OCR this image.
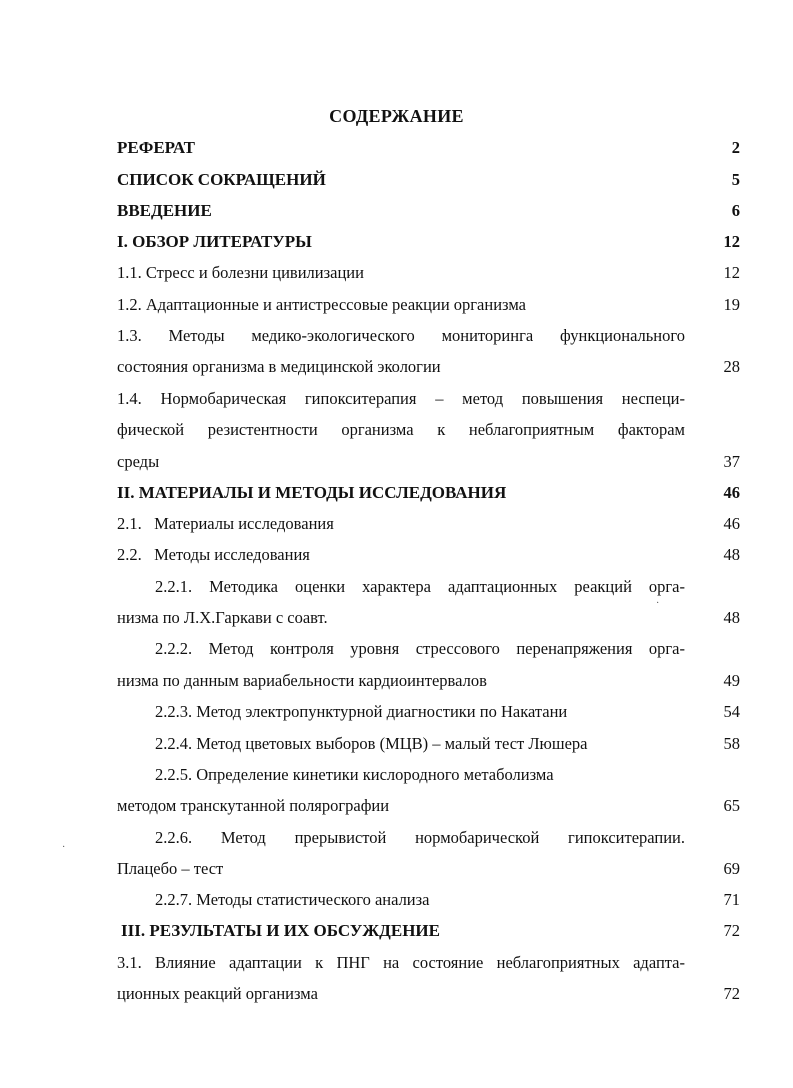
СОДЕРЖАНИЕ
РЕФЕРАТ	2
СПИСОК СОКРАЩЕНИЙ	5
ВВЕДЕНИЕ	6
I. ОБЗОР ЛИТЕРАТУРЫ	12
1.1. Стресс и болезни цивилизации	12
1.2. Адаптационные и антистрессовые реакции организма	19
1.3. Методы медико-экологического мониторинга функционального
состояния организма в медицинской экологии	28
1.4. Нормобарическая гипокситерапия – метод повышения неспеци-
фической резистентности организма к неблагоприятным факторам
среды	37
II. МАТЕРИАЛЫ И МЕТОДЫ ИССЛЕДОВАНИЯ	46
2.1.   Материалы исследования	46
2.2.   Методы исследования	48
2.2.1. Методика оценки характера адаптационных реакций орга-
низма по Л.Х.Гаркави с соавт.	48
2.2.2. Метод контроля уровня стрессового перенапряжения орга-
низма по данным вариабельности кардиоинтервалов	49
2.2.3. Метод электропунктурной диагностики по Накатани	54
2.2.4. Метод цветовых выборов (МЦВ) – малый тест Люшера	58
2.2.5. Определение кинетики кислородного метаболизма
методом транскутанной полярографии	65
2.2.6. Метод прерывистой нормобарической гипокситерапии.
Плацебо – тест	69
2.2.7. Методы статистического анализа	71
III. РЕЗУЛЬТАТЫ И ИХ ОБСУЖДЕНИЕ	72
3.1. Влияние адаптации к ПНГ на состояние неблагоприятных адапта-
ционных реакций организма	72
·
·
